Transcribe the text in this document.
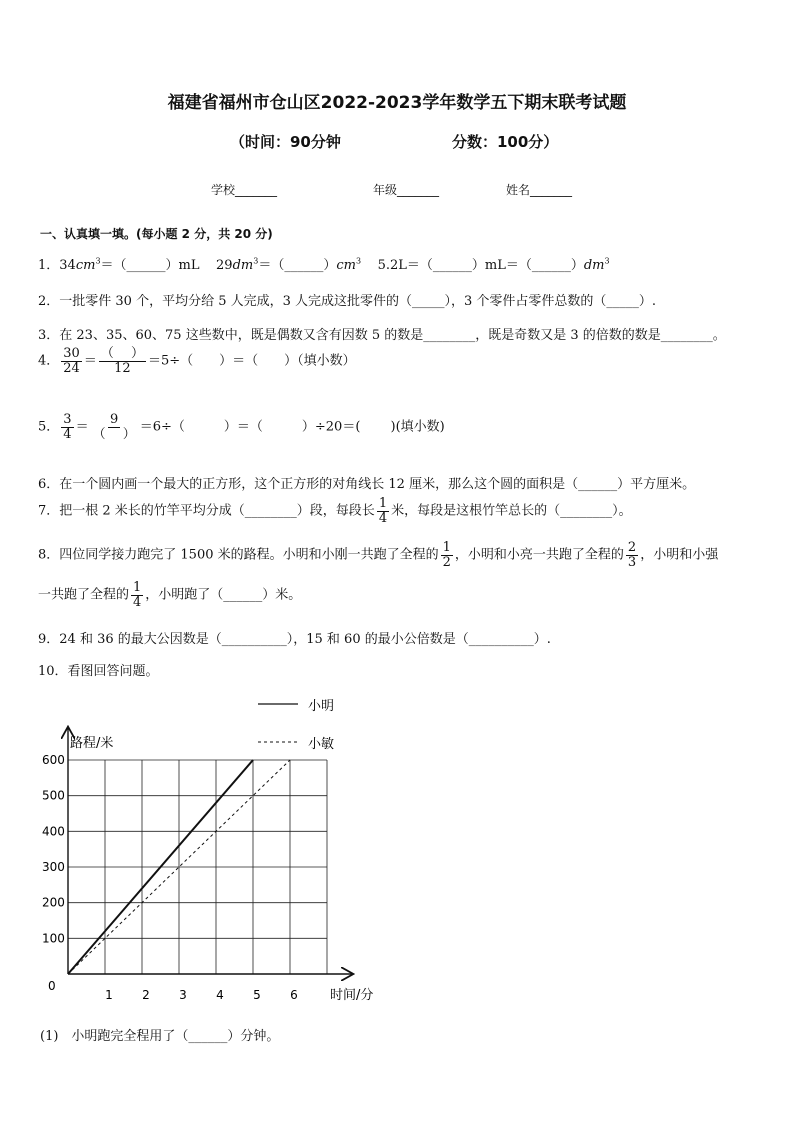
福建省福州市仓山区2022-2023学年数学五下期末联考试题
（时间：90分钟	分数：100分）
学校_______	年级_______	姓名_______
一、认真填一填。(每小题 2 分，共 20 分)
1．$34cm^3=(\_\_\_\_\_\_)mL$ $29dm^3=(\_\_\_\_\_\_)cm^3$ $5.2L=(\_\_\_\_\_\_)mL=(\_\_\_\_\_\_)dm^3$
2．一批零件 30 个，平均分给 5 人完成，3 人完成这批零件的（_____），3 个零件占零件总数的（_____）.
3．在 23、35、60、75 这些数中，既是偶数又含有因数 5 的数是________，既是奇数又是 3 的倍数的数是________。
4． $\frac{30}{24} = \frac{( )}{12} =5\div$（　　）＝（　　）（填小数）
5． $\frac{3}{4} = \frac{9}{( )} =6\div$（　　　）＝（　　　）÷20＝(　　 )(填小数)
6．在一个圆内画一个最大的正方形，这个正方形的对角线长 12 厘米，那么这个圆的面积是（______）平方厘米。
7．把一根 2 米长的竹竿平均分成（________）段，每段长 $\frac{1}{4}$ 米，每段是这根竹竿总长的（________）。
8．四位同学接力跑完了 1500 米的路程。小明和小刚一共跑了全程的 $\frac{1}{2}$ ，小明和小亮一共跑了全程的 $\frac{2}{3}$ ，小明和小强
一共跑了全程的 $\frac{1}{4}$ ，小明跑了（______）米。
9．24 和 36 的最大公因数是（__________），15 和 60 的最小公倍数是（__________）.
10．看图回答问题。
1 2 3 4 5 6
100
200
300
400
500
600
0
时间/分
路程/米
小明
小敏
(1)　小明跑完全程用了（______）分钟。
